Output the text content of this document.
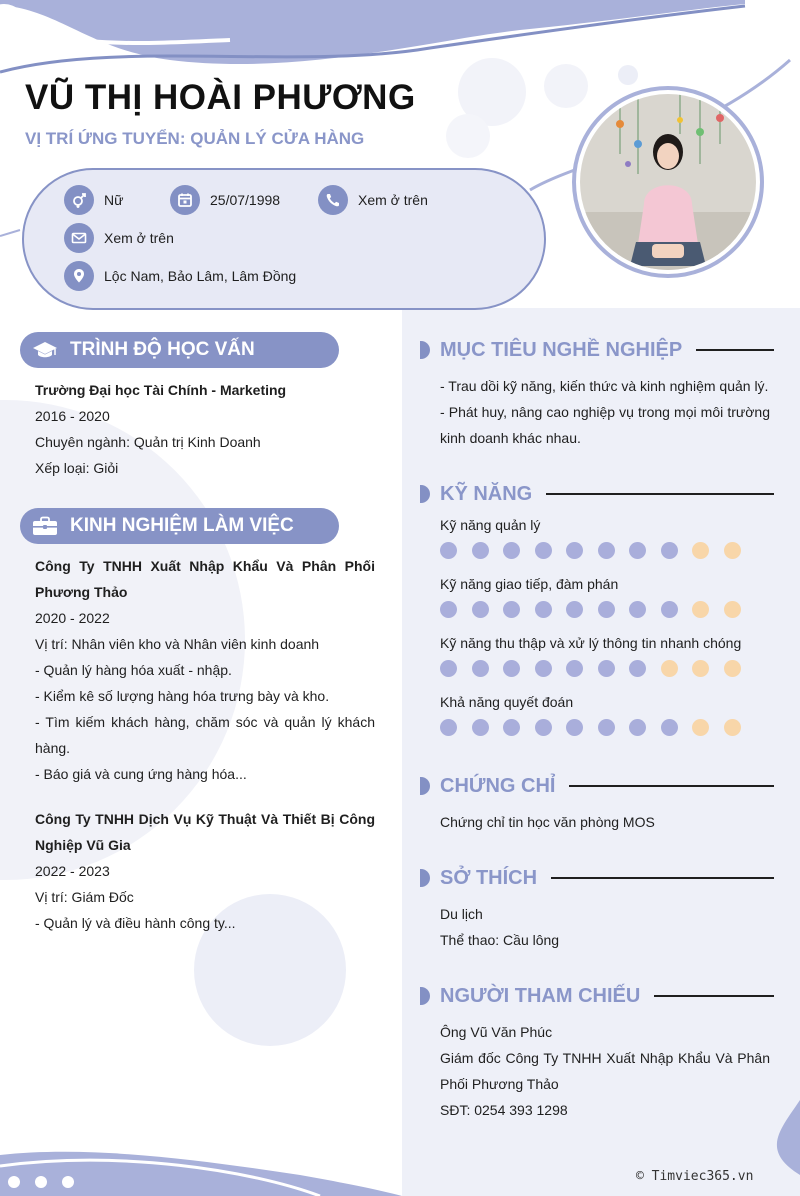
VŨ THỊ HOÀI PHƯƠNG
VỊ TRÍ ỨNG TUYỂN: QUẢN LÝ CỬA HÀNG
Nữ	25/07/1998	Xem ở trên
Xem ở trên
Lộc Nam, Bảo Lâm, Lâm Đồng
TRÌNH ĐỘ HỌC VẤN
Trường Đại học Tài Chính - Marketing
2016 - 2020
Chuyên ngành: Quản trị Kinh Doanh
Xếp loại: Giỏi
KINH NGHIỆM LÀM VIỆC
Công Ty TNHH Xuất Nhập Khẩu Và Phân Phối Phương Thảo
2020 - 2022
Vị trí: Nhân viên kho và Nhân viên kinh doanh
- Quản lý hàng hóa xuất - nhập.
- Kiểm kê số lượng hàng hóa trưng bày và kho.
- Tìm kiếm khách hàng, chăm sóc và quản lý khách hàng.
- Báo giá và cung ứng hàng hóa...
Công Ty TNHH Dịch Vụ Kỹ Thuật Và Thiết Bị Công Nghiệp Vũ Gia
2022 - 2023
Vị trí: Giám Đốc
- Quản lý và điều hành công ty...
MỤC TIÊU NGHỀ NGHIỆP
- Trau dồi kỹ năng, kiến thức và kinh nghiệm quản lý.
- Phát huy, nâng cao nghiệp vụ trong mọi môi trường kinh doanh khác nhau.
KỸ NĂNG
Kỹ năng quản lý
Kỹ năng giao tiếp, đàm phán
Kỹ năng thu thập và xử lý thông tin nhanh chóng
Khả năng quyết đoán
CHỨNG CHỈ
Chứng chỉ tin học văn phòng MOS
SỞ THÍCH
Du lịch
Thể thao: Cầu lông
NGƯỜI THAM CHIẾU
Ông Vũ Văn Phúc
Giám đốc Công Ty TNHH Xuất Nhập Khẩu Và Phân Phối Phương Thảo
SĐT: 0254 393 1298
© Timviec365.vn
